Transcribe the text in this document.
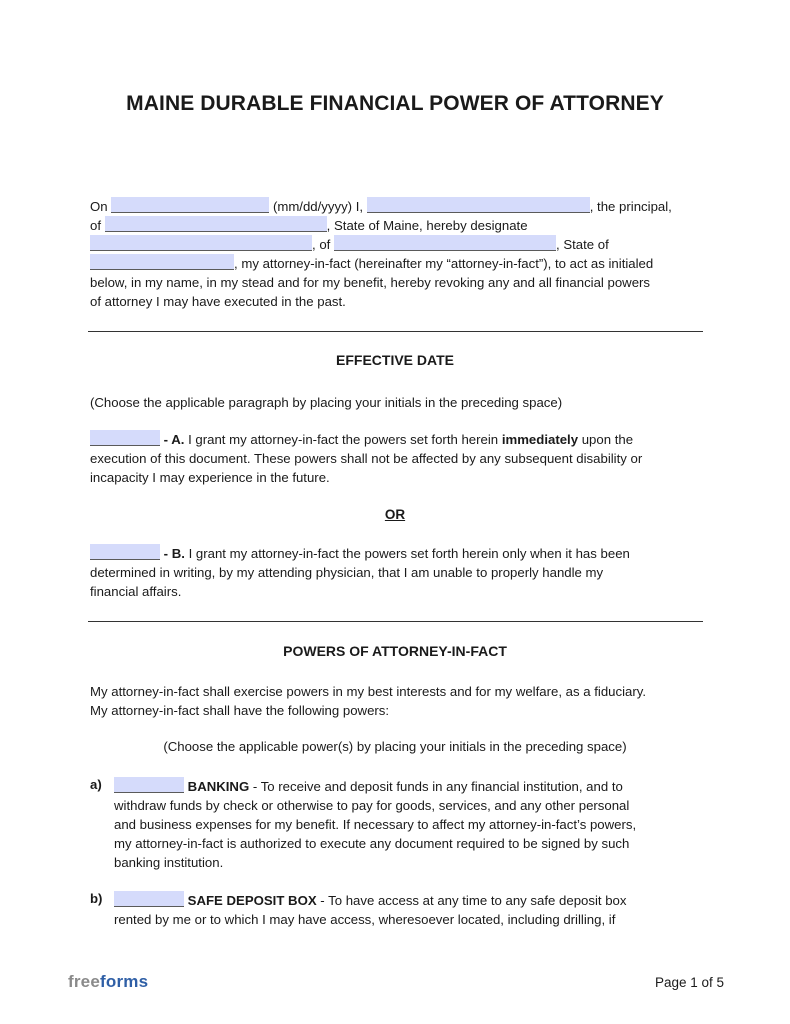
MAINE DURABLE FINANCIAL POWER OF ATTORNEY
On	(mm/dd/yyyy) I,	, the principal,
of	, State of Maine, hereby designate
, of	, State of
, my attorney-in-fact (hereinafter my “attorney-in-fact”), to act as initialed
below, in my name, in my stead and for my benefit, hereby revoking any and all financial powers
of attorney I may have executed in the past.
EFFECTIVE DATE
(Choose the applicable paragraph by placing your initials in the preceding space)
- A. I grant my attorney-in-fact the powers set forth herein immediately upon the
execution of this document. These powers shall not be affected by any subsequent disability or
incapacity I may experience in the future.
OR
- B. I grant my attorney-in-fact the powers set forth herein only when it has been
determined in writing, by my attending physician, that I am unable to properly handle my
financial affairs.
POWERS OF ATTORNEY-IN-FACT
My attorney-in-fact shall exercise powers in my best interests and for my welfare, as a fiduciary.
My attorney-in-fact shall have the following powers:
(Choose the applicable power(s) by placing your initials in the preceding space)
a)	BANKING - To receive and deposit funds in any financial institution, and to
withdraw funds by check or otherwise to pay for goods, services, and any other personal
and business expenses for my benefit. If necessary to affect my attorney-in-fact’s powers,
my attorney-in-fact is authorized to execute any document required to be signed by such
banking institution.
b)	SAFE DEPOSIT BOX - To have access at any time to any safe deposit box
rented by me or to which I may have access, wheresoever located, including drilling, if
freeforms	Page 1 of 5
